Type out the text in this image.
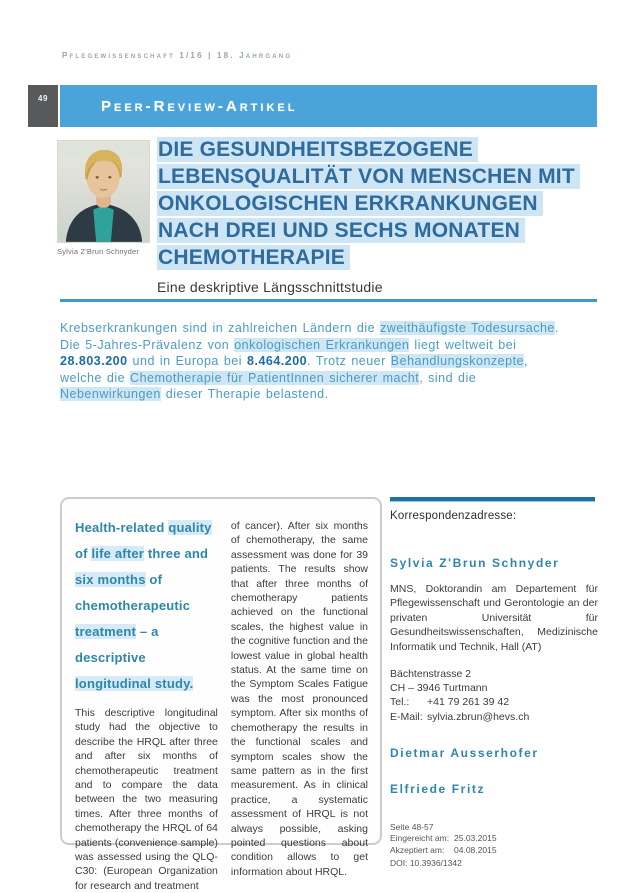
Pflegewissenschaft 1/16 | 18. Jahrgang
49	Peer-Review-Artikel
Sylvia Z'Brun Schnyder
DIE GESUNDHEITSBEZOGENE LEBENSQUALITÄT VON MENSCHEN MIT ONKOLOGISCHEN ERKRANKUNGEN NACH DREI UND SECHS MONATEN CHEMOTHERAPIE
Eine deskriptive Längsschnittstudie

Krebserkrankungen sind in zahlreichen Ländern die zweithäufigste Todesursache. Die 5-Jahres-Prävalenz von onkologischen Erkrankungen liegt weltweit bei 28.803.200 und in Europa bei 8.464.200. Trotz neuer Behandlungskonzepte, welche die Chemotherapie für PatientInnen sicherer macht, sind die Nebenwirkungen dieser Therapie belastend.

Health-related quality of life after three and six months of chemotherapeutic treatment – a descriptive longitudinal study.

This descriptive longitudinal study had the objective to describe the HRQL after three and after six months of chemotherapeutic treatment and to compare the data between the two measuring times. After three months of chemotherapy the HRQL of 64 patients (convenience sample) was assessed using the QLQ-C30: (European Organization for research and treatment

of cancer). After six months of chemotherapy, the same assessment was done for 39 patients. The results show that after three months of chemotherapy patients achieved on the functional scales, the highest value in the cognitive function and the lowest value in global health status. At the same time on the Symptom Scales Fatigue was the most pronounced symptom. After six months of chemotherapy the results in the functional scales and symptom scales show the same pattern as in the first measurement. As in clinical practice, a systematic assessment of HRQL is not always possible, asking pointed questions about condition allows to get information about HRQL.

Korrespondenzadresse:
Sylvia Z'Brun Schnyder

MNS, Doktorandin am Departement für Pflegewissenschaft und Gerontologie an der privaten Universität für Gesundheitswissenschaften, Medizinische Informatik und Technik, Hall (AT)

Bächtenstrasse 2
CH – 3946 Turtmann
Tel.: +41 79 261 39 42
E-Mail: sylvia.zbrun@hevs.ch
Dietmar Ausserhofer
Elfriede Fritz
Seite 48-57
Eingereicht am: 25.03.2015
Akzeptiert am: 04.08.2015
DOI: 10.3936/1342
